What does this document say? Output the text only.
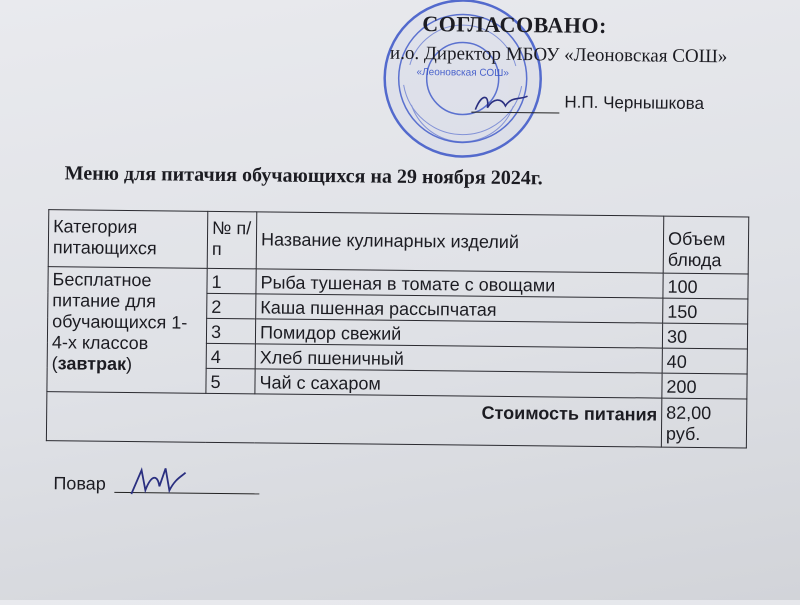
«Леоновская СОШ»
СОГЛАСОВАНО:
и.о. Директор МБОУ «Леоновская СОШ»
Н.П. Чернышкова
Меню для питачия обучающихся на 29 ноября 2024г.
Категория питающихся	№ п/п	Название кулинарных изделий	Объем блюда
Бесплатное питание для обучающихся 1-4-х классов (завтрак)	1	Рыба тушеная в томате с овощами	100
	2	Каша пшенная рассыпчатая	150
	3	Помидор свежий	30
	4	Хлеб пшеничный	40
	5	Чай с сахаром	200
Стоимость питания			82,00 руб.
Повар
